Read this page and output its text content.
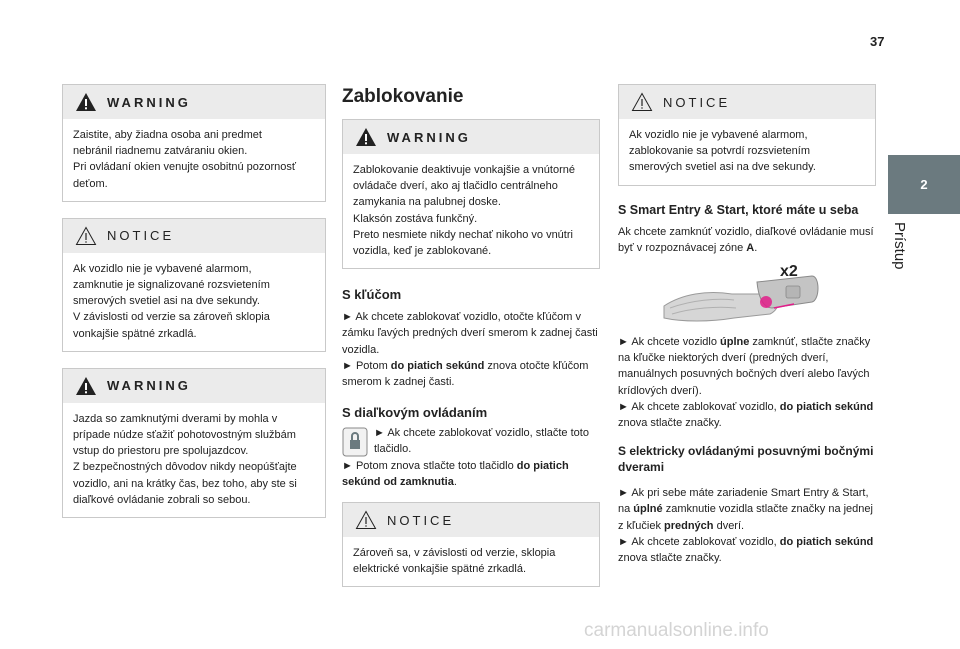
37
2
Prístup
WARNING

Zaistite, aby žiadna osoba ani predmet

nebránil riadnemu zatváraniu okien.

Pri ovládaní okien venujte osobitnú pozornosť

deťom.

NOTICE

Ak vozidlo nie je vybavené alarmom,

zamknutie je signalizované rozsvietením

smerových svetiel asi na dve sekundy.

V závislosti od verzie sa zároveň sklopia

vonkajšie spätné zrkadlá.

WARNING

Jazda so zamknutými dverami by mohla v

prípade núdze sťažiť pohotovostným službám

vstup do priestoru pre spolujazdcov.

Z bezpečnostných dôvodov nikdy neopúšťajte

vozidlo, ani na krátky čas, bez toho, aby ste si

diaľkové ovládanie zobrali so sebou.

Zablokovanie
WARNING

Zablokovanie deaktivuje vonkajšie a vnútorné

ovládače dverí, ako aj tlačidlo centrálneho

zamykania na palubnej doske.

Klaksón zostáva funkčný.

Preto nesmiete nikdy nechať nikoho vo vnútri

vozidla, keď je zablokované.

S kľúčom

► Ak chcete zablokovať vozidlo, otočte kľúčom v zámku ľavých predných dverí smerom k zadnej časti vozidla.

► Potom do piatich sekúnd znova otočte kľúčom smerom k zadnej časti.

S diaľkovým ovládaním

► Ak chcete zablokovať vozidlo, stlačte toto tlačidlo.

► Potom znova stlačte toto tlačidlo do piatich sekúnd od zamknutia.

NOTICE

Zároveň sa, v závislosti od verzie, sklopia

elektrické vonkajšie spätné zrkadlá.

NOTICE

Ak vozidlo nie je vybavené alarmom,

zablokovanie sa potvrdí rozsvietením

smerových svetiel asi na dve sekundy.

S Smart Entry & Start, ktoré máte u seba

Ak chcete zamknúť vozidlo, diaľkové ovládanie musí byť v rozpoznávacej zóne A.

x2

► Ak chcete vozidlo úplne zamknúť, stlačte značky na kľučke niektorých dverí (predných dverí, manuálnych posuvných bočných dverí alebo ľavých krídlových dverí).

► Ak chcete zablokovať vozidlo, do piatich sekúnd znova stlačte značky.

S elektricky ovládanými posuvnými bočnými dverami

► Ak pri sebe máte zariadenie Smart Entry & Start, na úplné zamknutie vozidla stlačte značky na jednej z kľučiek predných dverí.

► Ak chcete zablokovať vozidlo, do piatich sekúnd znova stlačte značky.

carmanualsonline.info
